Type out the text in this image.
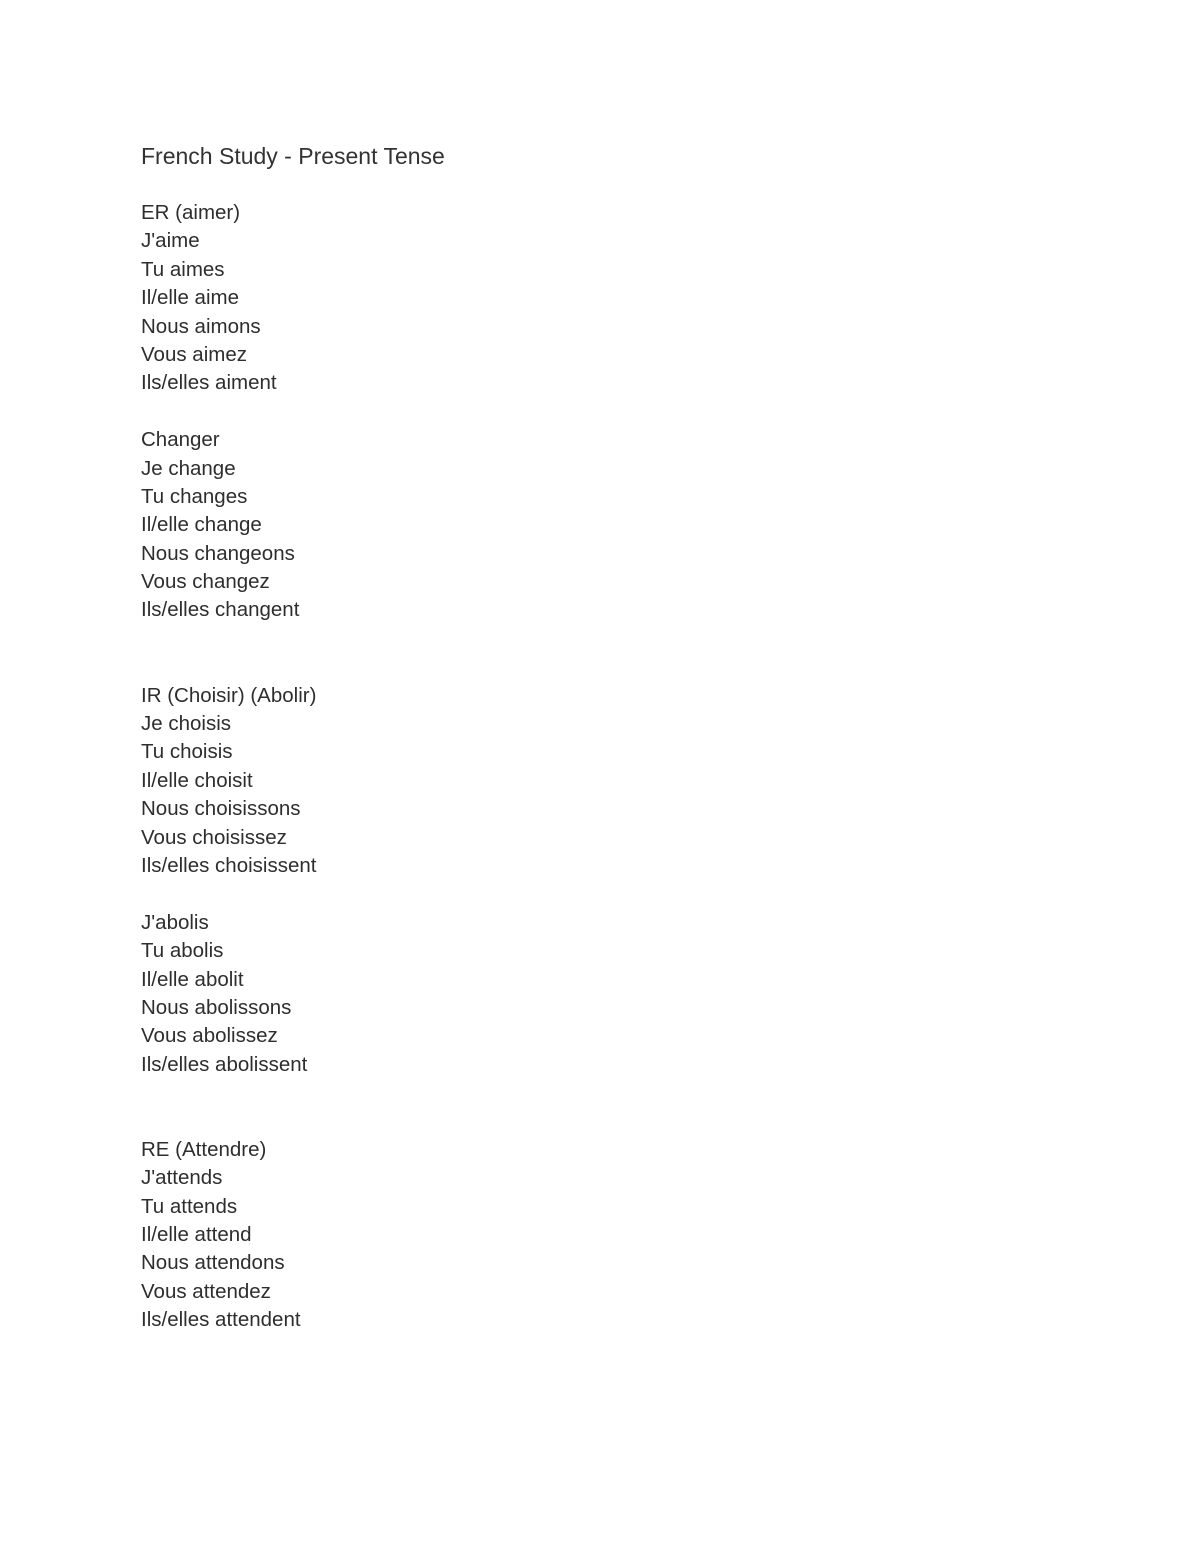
French Study - Present Tense
ER (aimer)
J'aime
Tu aimes
Il/elle aime
Nous aimons
Vous aimez
Ils/elles aiment
Changer
Je change
Tu changes
Il/elle change
Nous changeons
Vous changez
Ils/elles changent
IR (Choisir) (Abolir)
Je choisis
Tu choisis
Il/elle choisit
Nous choisissons
Vous choisissez
Ils/elles choisissent
J'abolis
Tu abolis
Il/elle abolit
Nous abolissons
Vous abolissez
Ils/elles abolissent
RE (Attendre)
J'attends
Tu attends
Il/elle attend
Nous attendons
Vous attendez
Ils/elles attendent
